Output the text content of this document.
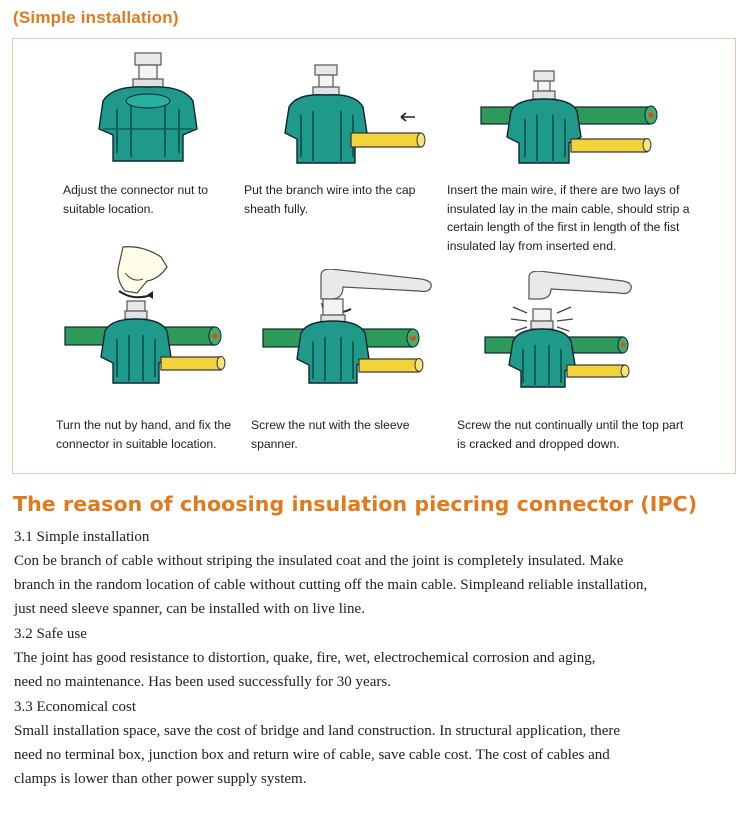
(Simple installation)
Adjust the connector nut to
suitable location.
Put the branch wire into the cap
sheath fully.
Insert the main wire, if there are two lays of
insulated lay in the main cable, should strip a
certain length of the first in length of the fist
insulated lay from inserted end.
Turn the nut by hand, and fix the
connector in suitable location.
Screw the nut with the sleeve
spanner.
Screw the nut continually until the top part
is cracked and dropped down.
The reason of choosing insulation piecring connector (IPC)
3.1 Simple installation
Con be branch of cable without striping the insulated coat and the joint is completely insulated. Make
branch in the random location of cable without cutting off the main cable. Simpleand reliable installation,
just need sleeve spanner, can be installed with on live line.
3.2 Safe use
The joint has good resistance to distortion, quake, fire, wet, electrochemical corrosion and aging,
need no maintenance. Has been used successfully for 30 years.
3.3 Economical cost
Small installation space, save the cost of bridge and land construction. In structural application, there
need no terminal box, junction box and return wire of cable, save cable cost. The cost of cables and
clamps is lower than other power supply system.
